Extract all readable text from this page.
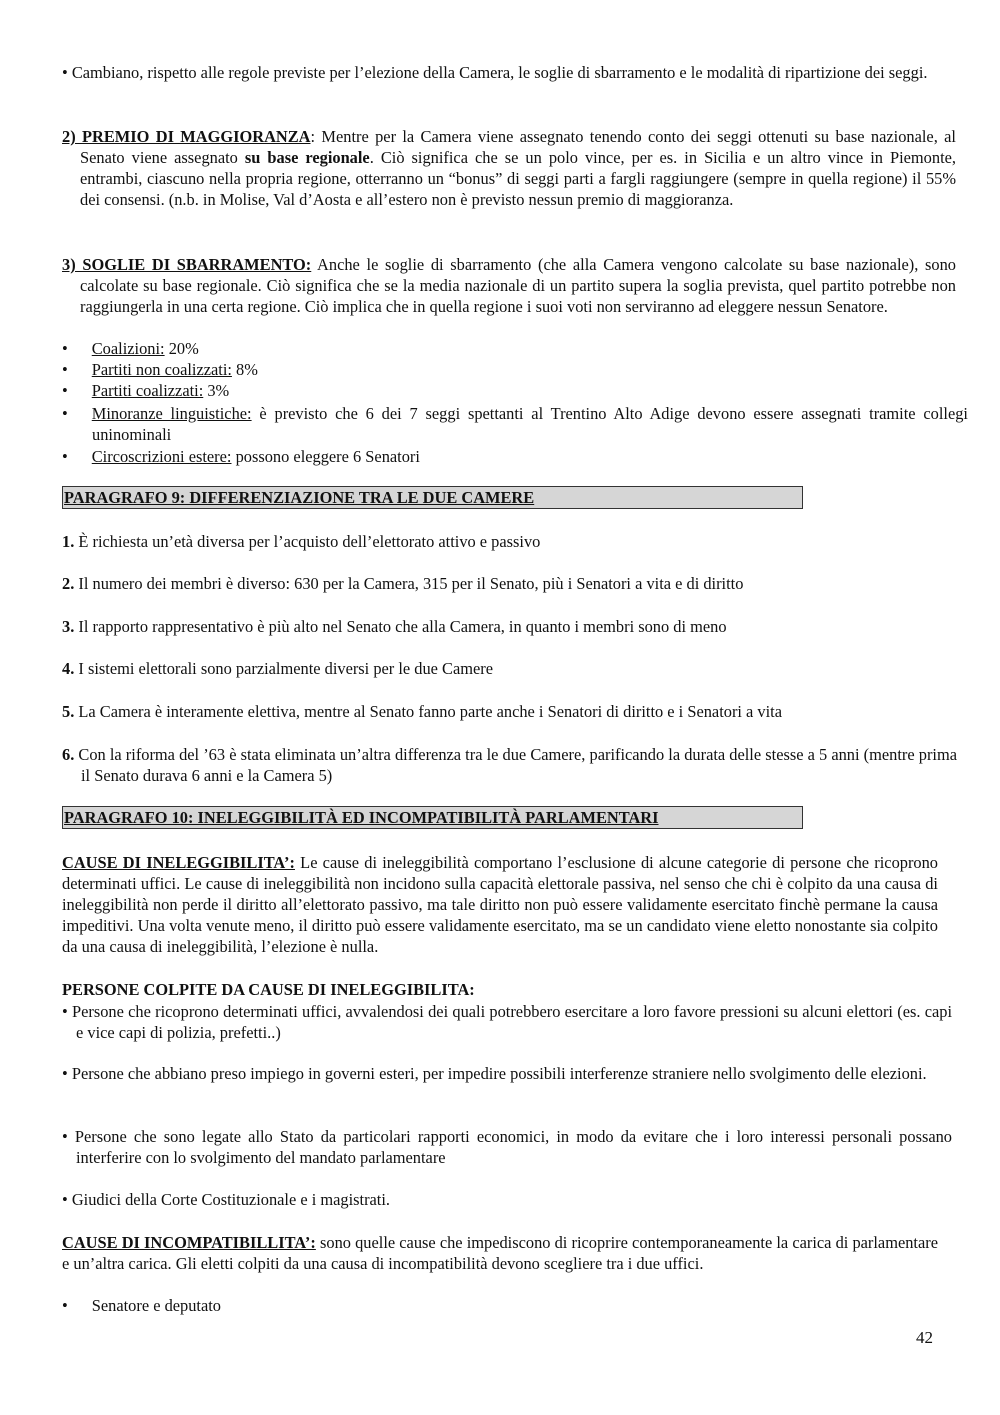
• Cambiano, rispetto alle regole previste per l’elezione della Camera, le soglie di sbarramento e le modalità di ripartizione dei seggi.
2) PREMIO DI MAGGIORANZA: Mentre per la Camera viene assegnato tenendo conto dei seggi ottenuti su base nazionale, al Senato viene assegnato su base regionale. Ciò significa che se un polo vince, per es. in Sicilia e un altro vince in Piemonte, entrambi, ciascuno nella propria regione, otterranno un “bonus” di seggi parti a fargli raggiungere (sempre in quella regione) il 55% dei consensi. (n.b. in Molise, Val d’Aosta e all’estero non è previsto nessun premio di maggioranza.
3) SOGLIE DI SBARRAMENTO: Anche le soglie di sbarramento (che alla Camera vengono calcolate su base nazionale), sono calcolate su base regionale. Ciò significa che se la media nazionale di un partito supera la soglia prevista, quel partito potrebbe non raggiungerla in una certa regione. Ciò implica che in quella regione i suoi voti non serviranno ad eleggere nessun Senatore.
• Coalizioni: 20%
• Partiti non coalizzati: 8%
• Partiti coalizzati: 3%
• Minoranze linguistiche: è previsto che 6 dei 7 seggi spettanti al Trentino Alto Adige devono essere assegnati tramite collegi uninominali
• Circoscrizioni estere: possono eleggere 6 Senatori
PARAGRAFO 9: DIFFERENZIAZIONE TRA LE DUE CAMERE
1. È richiesta un’età diversa per l’acquisto dell’elettorato attivo e passivo
2. Il numero dei membri è diverso: 630 per la Camera, 315 per il Senato, più i Senatori a vita e di diritto
3. Il rapporto rappresentativo è più alto nel Senato che alla Camera, in quanto i membri sono di meno
4. I sistemi elettorali sono parzialmente diversi per le due Camere
5. La Camera è interamente elettiva, mentre al Senato fanno parte anche i Senatori di diritto e i Senatori a vita
6. Con la riforma del ’63 è stata eliminata un’altra differenza tra le due Camere, parificando la durata delle stesse a 5 anni (mentre prima il Senato durava 6 anni e la Camera 5)
PARAGRAFO 10: INELEGGIBILITÀ ED INCOMPATIBILITÀ PARLAMENTARI
CAUSE DI INELEGGIBILITA’: Le cause di ineleggibilità comportano l’esclusione di alcune categorie di persone che ricoprono determinati uffici. Le cause di ineleggibilità non incidono sulla capacità elettorale passiva, nel senso che chi è colpito da una causa di ineleggibilità non perde il diritto all’elettorato passivo, ma tale diritto non può essere validamente esercitato finchè permane la causa impeditivi. Una volta venute meno, il diritto può essere validamente esercitato, ma se un candidato viene eletto nonostante sia colpito da una causa di ineleggibilità, l’elezione è nulla.
PERSONE COLPITE DA CAUSE DI INELEGGIBILITA:
• Persone che ricoprono determinati uffici, avvalendosi dei quali potrebbero esercitare a loro favore pressioni su alcuni elettori (es. capi e vice capi di polizia, prefetti..)
• Persone che abbiano preso impiego in governi esteri, per impedire possibili interferenze straniere nello svolgimento delle elezioni.
• Persone che sono legate allo Stato da particolari rapporti economici, in modo da evitare che i loro interessi personali possano interferire con lo svolgimento del mandato parlamentare
• Giudici della Corte Costituzionale e i magistrati.
CAUSE DI INCOMPATIBILLITA’: sono quelle cause che impediscono di ricoprire contemporaneamente la carica di parlamentare e un’altra carica. Gli eletti colpiti da una causa di incompatibilità devono scegliere tra i due uffici.
• Senatore e deputato
42
